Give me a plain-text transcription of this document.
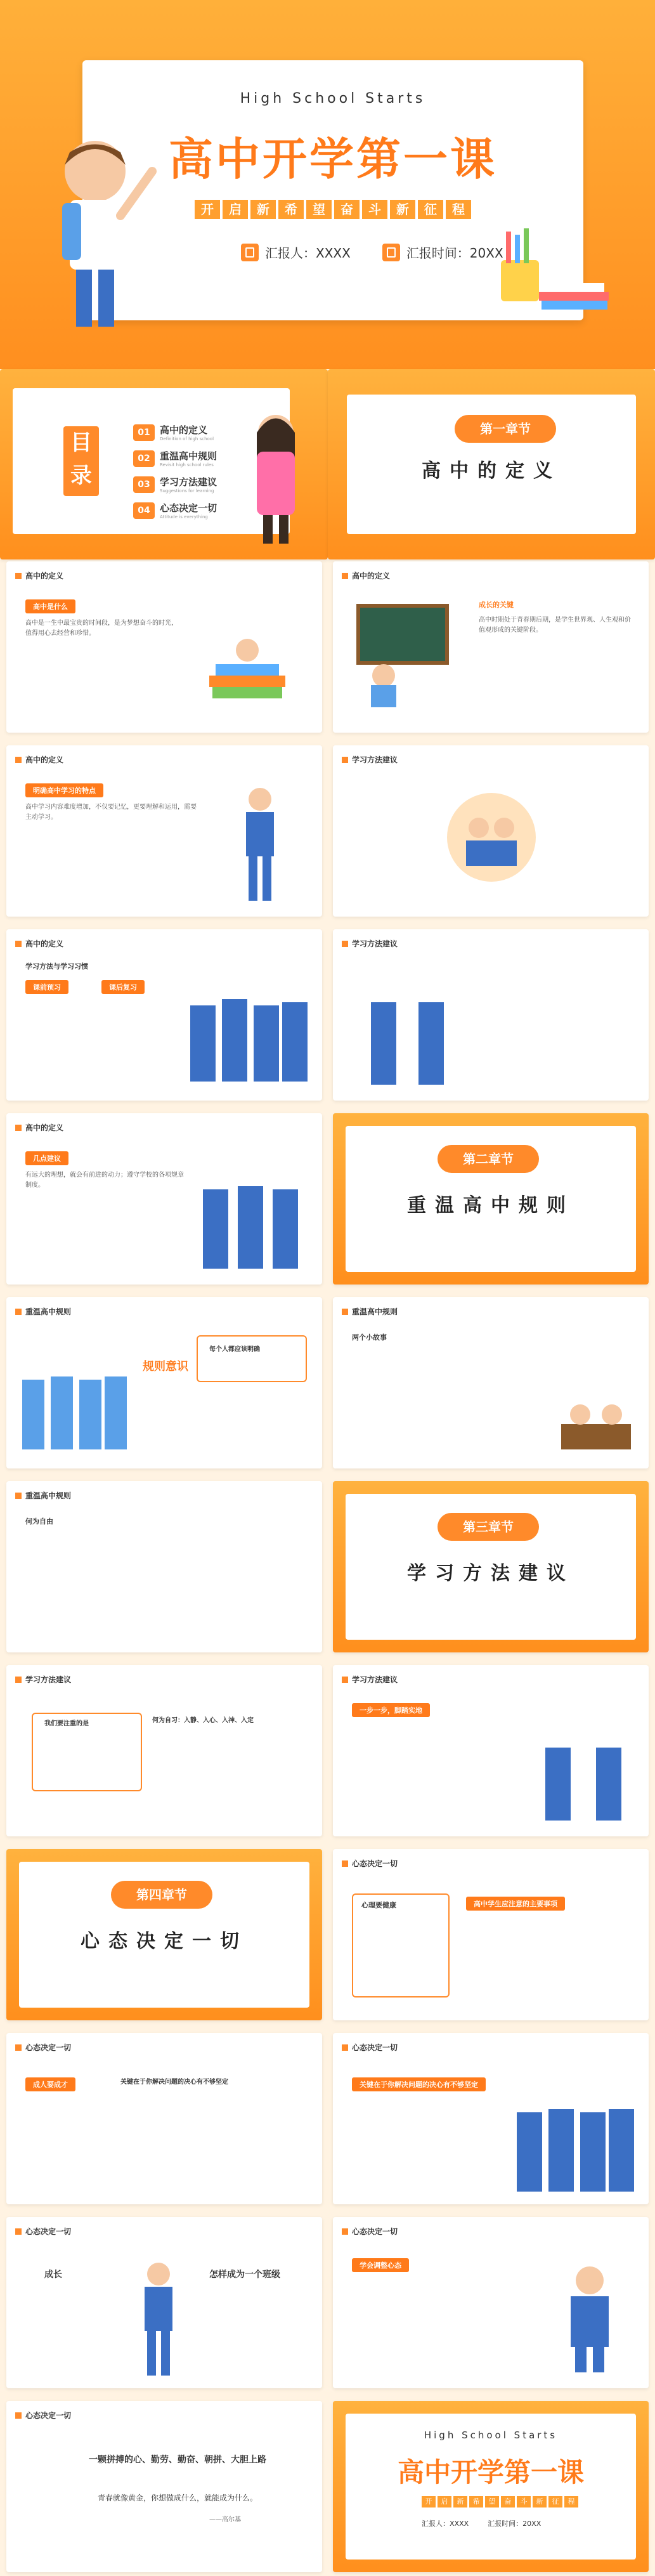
High School Starts
高中开学第一课
开	启	新	希	望	奋	斗	新	征	程
汇报人：XXXX	汇报时间：20XX
目录
01	高中的定义
Definition of high school
02	重温高中规则
Revisit high school rules
03	学习方法建议
Suggestions for learning
04	心态决定一切
Attitude is everything
第一章节
高中的定义
高中的定义
高中是什么
高中是一生中最宝贵的时间段，是为梦想奋斗的时光，值得用心去经营和珍惜。
高中的定义
成长的关键
高中时期处于青春期后期，是学生世界观、人生观和价值观形成的关键阶段。
高中的定义
明确高中学习的特点
高中学习内容难度增加，不仅要记忆，更要理解和运用，需要主动学习。
学习方法建议
高中的定义
学习方法与学习习惯
课前预习	课后复习
学习方法建议
高中的定义
几点建议
有远大的理想，就会有前进的动力；遵守学校的各项规章制度。
第二章节
重温高中规则
重温高中规则
规则意识
每个人都应该明确
重温高中规则
两个小故事
重温高中规则
何为自由	第三章节
学习方法建议
学习方法建议
我们要注重的是	何为自习：入静、入心、入神、入定
学习方法建议
一步一步，脚踏实地
第四章节
心态决定一切
心态决定一切
心理要健康	高中学生应注意的主要事项
心态决定一切
成人要成才	关键在于你解决问题的决心有不够坚定
心态决定一切
关键在于你解决问题的决心有不够坚定
心态决定一切
成长	怎样成为一个班级
心态决定一切
学会调整心态
心态决定一切
一颗拼搏的心、勤劳、勤奋、朝拼、大胆上路
青春就像黄金，你想做成什么，就能成为什么。
——高尔基
High School Starts
高中开学第一课
开	启	新	希	望	奋	斗	新	征	程
汇报人：XXXX	汇报时间：20XX
